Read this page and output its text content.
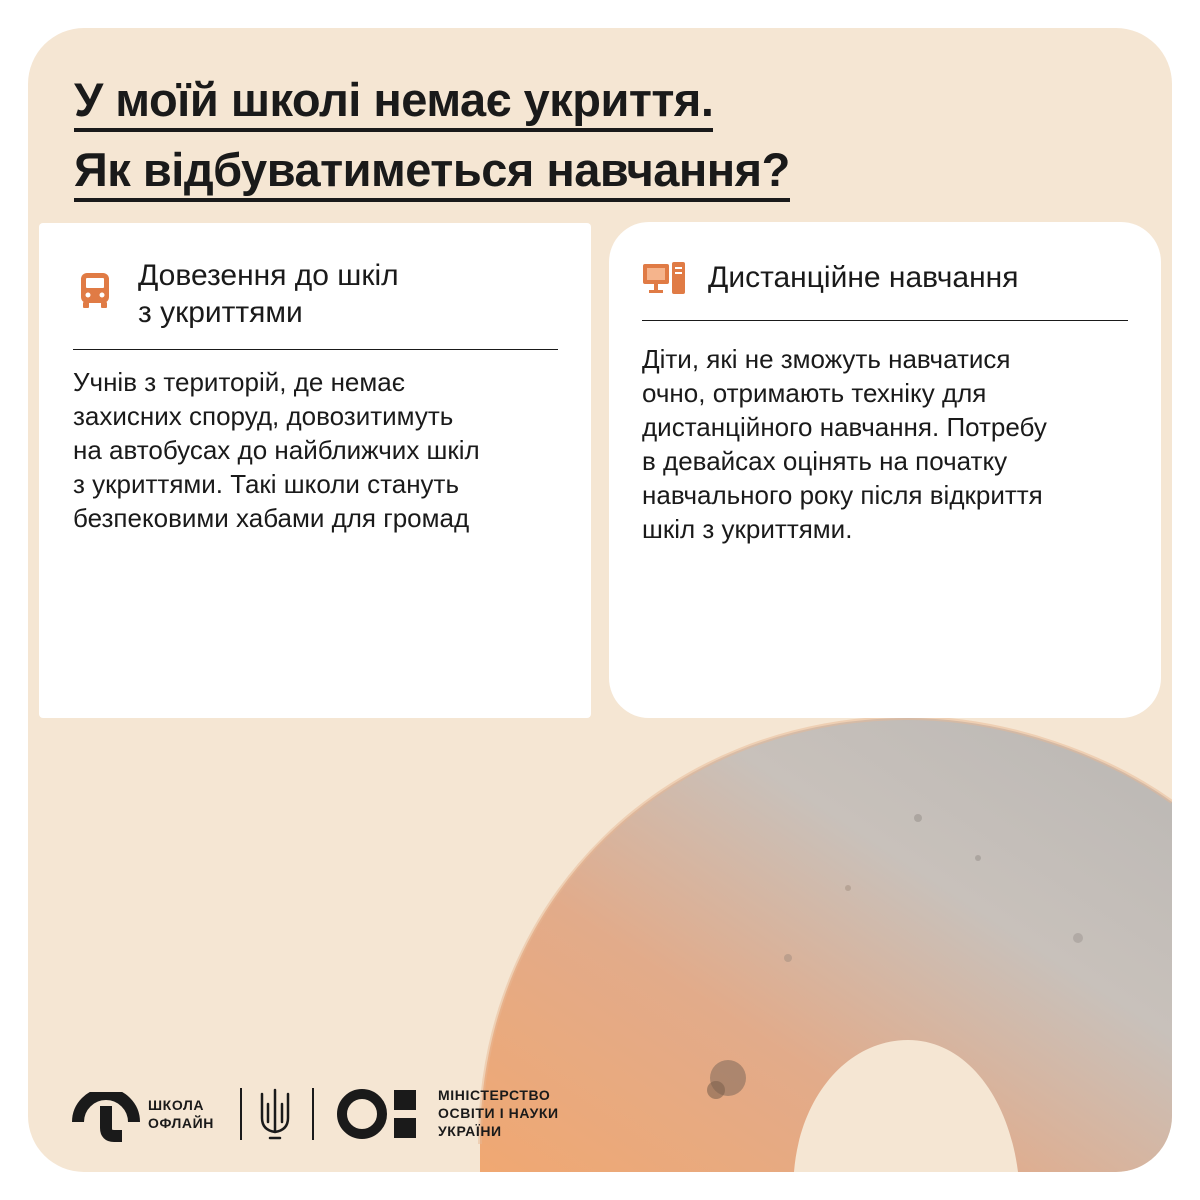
У моїй школі немає укриття.
Як відбуватиметься навчання?
Довезення до шкіл
з укриттями
Учнів з територій, де немає
захисних споруд, довозитимуть
на автобусах до найближчих шкіл
з укриттями. Такі школи стануть
безпековими хабами для громад
Дистанційне навчання
Діти, які не зможуть навчатися
очно, отримають техніку для
дистанційного навчання. Потребу
в девайсах оцінять на початку
навчального року після відкриття
шкіл з укриттями.
ШКОЛА
ОФЛАЙН
МІНІСТЕРСТВО
ОСВІТИ І НАУКИ
УКРАЇНИ
